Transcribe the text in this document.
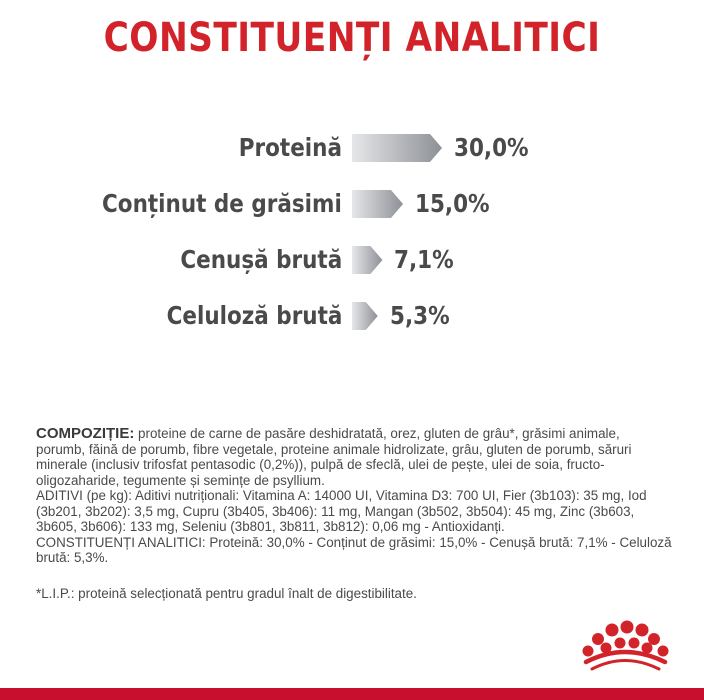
CONSTITUENȚI ANALITICI
Proteină	30,0%
Conținut de grăsimi	15,0%
Cenușă brută 7,1%
Celuloză brută 5,3%

COMPOZIȚIE: proteine de carne de pasăre deshidratată, orez, gluten de grâu*, grăsimi animale, porumb, făină de porumb, fibre vegetale, proteine animale hidrolizate, grâu, gluten de porumb, săruri minerale (inclusiv trifosfat pentasodic (0,2%)), pulpă de sfeclă, ulei de pește, ulei de soia, fructo-oligozaharide, tegumente și semințe de psyllium.

ADITIVI (pe kg): Aditivi nutriționali: Vitamina A: 14000 UI, Vitamina D3: 700 UI, Fier (3b103): 35 mg, Iod (3b201, 3b202): 3,5 mg, Cupru (3b405, 3b406): 11 mg, Mangan (3b502, 3b504): 45 mg, Zinc (3b603, 3b605, 3b606): 133 mg, Seleniu (3b801, 3b811, 3b812): 0,06 mg - Antioxidanți.

CONSTITUENȚI ANALITICI: Proteină: 30,0% - Conținut de grăsimi: 15,0% - Cenușă brută: 7,1% - Celuloză brută: 5,3%.

*L.I.P.: proteină selecționată pentru gradul înalt de digestibilitate.
